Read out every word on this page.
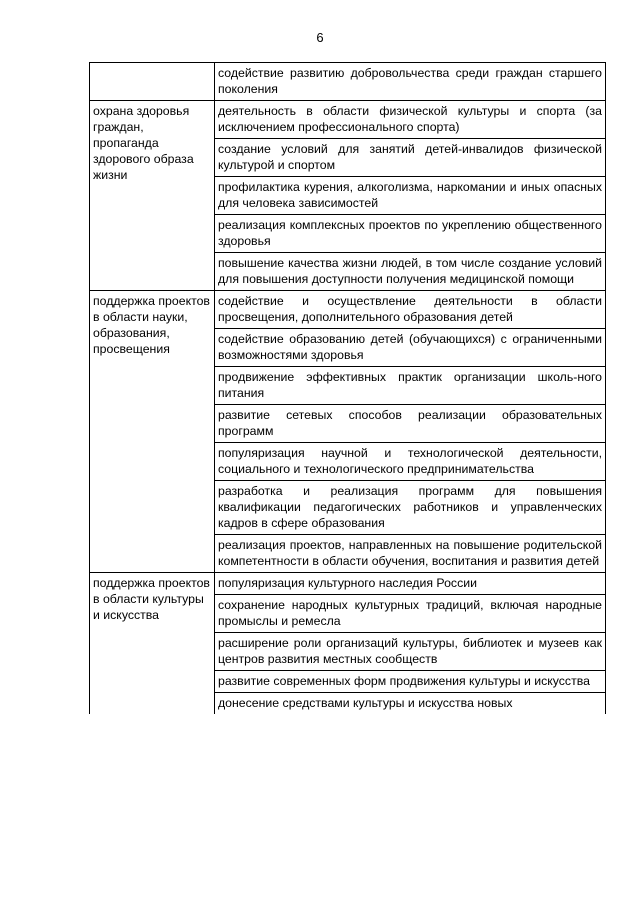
6
	содействие развитию добровольчества среди граждан старшего поколения
охрана здоровья граждан, пропаганда здорового образа жизни	деятельность в области физической культуры и спорта (за исключением профессионального спорта)
	создание условий для занятий детей-инвалидов физической культурой и спортом
	профилактика курения, алкоголизма, наркомании и иных опасных для человека зависимостей
	реализация комплексных проектов по укреплению общественного здоровья
	повышение качества жизни людей, в том числе создание условий для повышения доступности получения медицинской помощи
поддержка проектов в области науки, образования, просвещения	содействие и осуществление деятельности в области просвещения, дополнительного образования детей
	содействие образованию детей (обучающихся) с ограниченными возможностями здоровья
	продвижение эффективных практик организации школь-ного питания
	развитие сетевых способов реализации образовательных программ
	популяризация научной и технологической деятельности, социального и технологического предпринимательства
	разработка и реализация программ для повышения квалификации педагогических работников и управленческих кадров в сфере образования
	реализация проектов, направленных на повышение родительской компетентности в области обучения, воспитания и развития детей
поддержка проектов в области культуры и искусства	популяризация культурного наследия России
	сохранение народных культурных традиций, включая народные промыслы и ремесла
	расширение роли организаций культуры, библиотек и музеев как центров развития местных сообществ
	развитие современных форм продвижения культуры и искусства
	донесение средствами культуры и искусства новых
